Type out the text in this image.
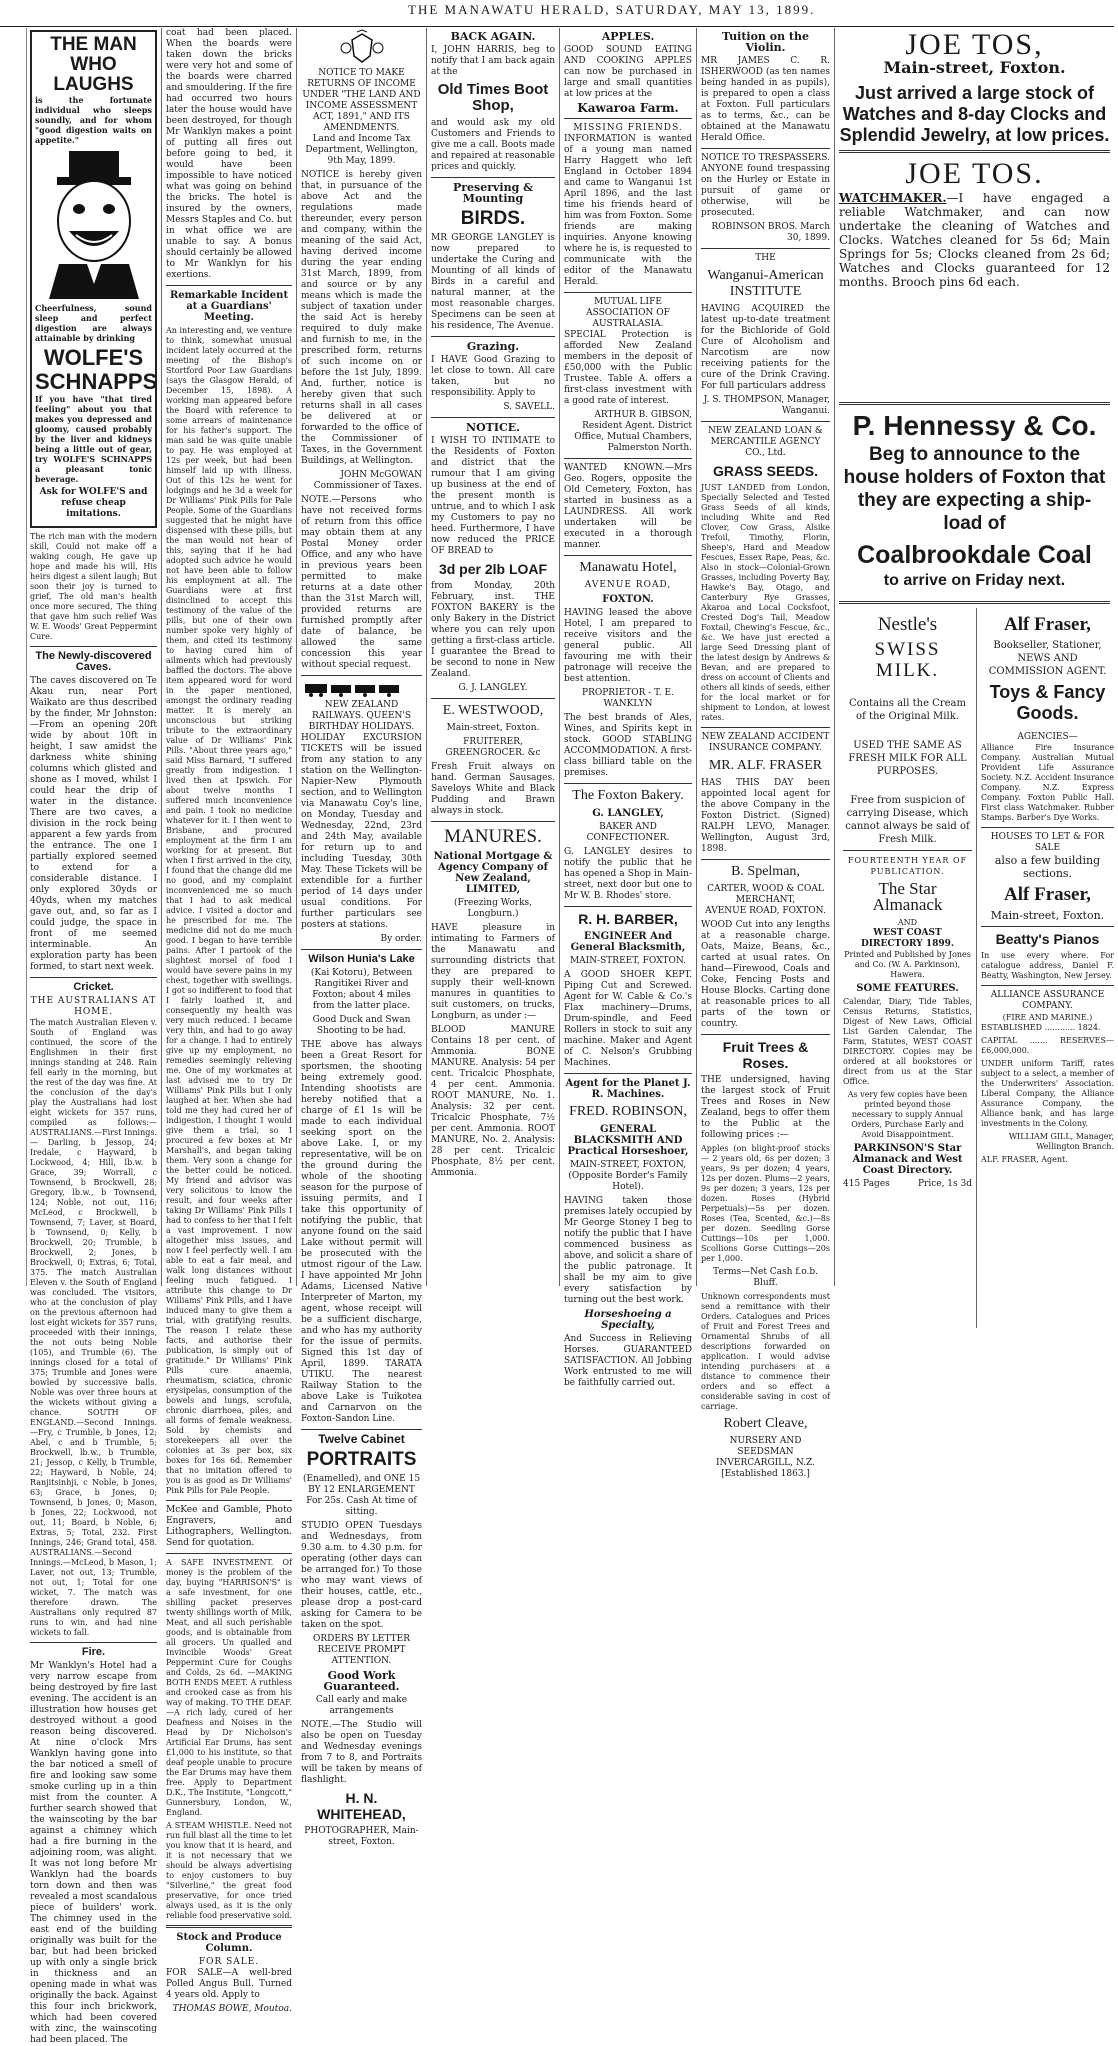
THE MANAWATU HERALD, SATURDAY, MAY 13, 1899.
THE MAN
WHO LAUGHS

is the fortunate individual who sleeps soundly, and for whom "good digestion waits on appetite."

Cheerfulness, sound sleep and perfect digestion are always attainable by drinking

WOLFE'S
SCHNAPPS

If you have "that tired feeling" about you that makes you depressed and gloomy, caused probably by the liver and kidneys being a little out of gear, try WOLFE'S SCHNAPPS a pleasant tonic beverage.

Ask for WOLFE'S and refuse cheap imitations.

The rich man with the modern skill, Could not make off a waking cough, He gave up hope and made his will, His heirs digest a silent laugh; But soon their joy is turned to grief, The old man's health once more secured, The thing that gave him such relief Was W. E. Woods' Great Peppermint Cure.

The Newly-discovered Caves.

The caves discovered on Te Akau run, near Port Waikato are thus described by the finder, Mr Johnston: —From an opening 20ft wide by about 10ft in height, I saw amidst the darkness white shining columns which glisted and shone as I moved, whilst I could hear the drip of water in the distance. There are two caves, a division in the rock being apparent a few yards from the entrance. The one I partially explored seemed to extend for a considerable distance. I only explored 30yds or 40yds, when my matches gave out, and, so far as I could judge, the space in front of me seemed interminable. An exploration party has been formed, to start next week.

Cricket.
THE AUSTRALIANS AT HOME.

The match Australian Eleven v. South of England was continued, the score of the Englishmen in their first innings standing at 248. Rain fell early in the morning, but the rest of the day was fine. At the conclusion of the day's play the Australians had lost eight wickets for 357 runs, compiled as follows:— AUSTRALIANS.—First Innings.— Darling, b Jessop, 24; Iredale, c Hayward, b Lockwood, 4; Hill, lb.w. b Grace, 39; Worrall, c Townsend, b Brockwell, 28; Gregory, lb.w., b Townsend, 124; Noble, not out, 116; McLeod, c Brockwell, b Townsend, 7; Laver, st Board, b Townsend, 0; Kelly, b Brockwell, 20; Trumble, b Brockwell, 2; Jones, b Brockwell, 0; Extras, 6; Total, 375. The match Australian Eleven v. the South of England was concluded. The visitors, who at the conclusion of play on the previous afternoon had lost eight wickets for 357 runs, proceeded with their innings, the not outs being Noble (105), and Trumble (6). The innings closed for a total of 375; Trumble and Jones were bowled by successive balls. Noble was over three hours at the wickets without giving a chance. SOUTH OF ENGLAND.—Second Innings.—Fry, c Trumble, b Jones, 12; Abel, c and b Trumble, 5; Brockwell, lb.w., b Trumble, 21; Jessop, c Kelly, b Trumble, 22; Hayward, b Noble, 24; Ranjitsinhji, c Noble, b Jones, 63; Grace, b Jones, 0; Townsend, b Jones, 0; Mason, b Jones, 22; Lockwood, not out, 11; Board, b Noble, 6; Extras, 5; Total, 232. First Innings, 246; Grand total, 458. AUSTRALIANS.—Second Innings.—McLeod, b Mason, 1; Laver, not out, 13; Trumble, not out, 1; Total for one wicket, 7. The match was therefore drawn. The Australians only required 87 runs to win, and had nine wickets to fall.

Fire.

Mr Wanklyn's Hotel had a very narrow escape from being destroyed by fire last evening. The accident is an illustration how houses get destroyed without a good reason being discovered. At nine o'clock Mrs Wanklyn having gone into the bar noticed a smell of fire and looking saw some smoke curling up in a thin mist from the counter. A further search showed that the wainscoting by the bar against a chimney which had a fire burning in the adjoining room, was alight. It was not long before Mr Wanklyn had the boards torn down and then was revealed a most scandalous piece of builders' work. The chimney used in the east end of the building originally was built for the bar, but had been bricked up with only a single brick in thickness and an opening made in what was originally the back. Against this four inch brickwork, which had been covered with zinc, the wainscoting had been placed. The

coat had been placed. When the boards were taken down the bricks were very hot and some of the boards were charred and smouldering. If the fire had occurred two hours later the house would have been destroyed, for though Mr Wanklyn makes a point of putting all fires out before going to bed, it would have been impossible to have noticed what was going on behind the bricks. The hotel is insured by the owners, Messrs Staples and Co. but in what office we are unable to say. A bonus should certainly be allowed to Mr Wanklyn for his exertions.

Remarkable Incident at a Guardians' Meeting.

An interesting and, we venture to think, somewhat unusual incident lately occurred at the meeting of the Bishop's Stortford Poor Law Guardians (says the Glasgow Herald, of December 15, 1898). A working man appeared before the Board with reference to some arrears of maintenance for his father's support. The man said he was quite unable to pay. He was employed at 12s per week, but had been himself laid up with illness. Out of this 12s he went for lodgings and he 3d a week for Dr Williams' Pink Pills for Pale People. Some of the Guardians suggested that he might have dispensed with these pills, but the man would not hear of this, saying that if he had adopted such advice he would not have been able to follow his employment at all. The Guardians were at first disinclined to accept this testimony of the value of the pills, but one of their own number spoke very highly of them, and cited its testimony to having cured him of ailments which had previously baffled the doctors. The above item appeared word for word in the paper mentioned, amongst the ordinary reading matter. It is merely an unconscious but striking tribute to the extraordinary value of Dr Williams' Pink Pills. "About three years ago," said Miss Barnard, "I suffered greatly from indigestion. I lived then at Ipswich. For about twelve months I suffered much inconvenience and pain. I took no medicine whatever for it. I then went to Brisbane, and procured employment at the firm I am working for at present. But when I first arrived in the city, I found that the change did me no good, and my complaint inconvenienced me so much that I had to ask medical advice. I visited a doctor and he prescribed for me. The medicine did not do me much good. I began to have terrible pains. After I partook of the slightest morsel of food I would have severe pains in my chest, together with swellings. I got so indifferent to food that I fairly loathed it, and consequently my health was very much reduced. I became very thin, and had to go away for a change. I had to entirely give up my employment, no remedies seemingly relieving me. One of my workmates at last advised me to try Dr Williams' Pink Pills but I only laughed at her. When she had told me they had cured her of indigestion, I thought I would give them a trial, so I procured a few boxes at Mr Marshall's, and began taking them. Very soon a change for the better could be noticed. My friend and advisor was very solicitous to know the result, and four weeks after taking Dr Williams' Pink Pills I had to confess to her that I felt a vast improvement. I now altogether miss issues, and now I feel perfectly well. I am able to eat a fair meal, and walk long distances without feeling much fatigued. I attribute this change to Dr Williams' Pink Pills, and I have induced many to give them a trial, with gratifying results. The reason I relate these facts, and authorise their publication, is simply out of gratitude." Dr Williams' Pink Pills cure anaemia, rheumatism, sciatica, chronic erysipelas, consumption of the bowels and lungs, scrofula, chronic diarrhoea, piles, and all forms of female weakness. Sold by chemists and storekeepers all over the colonies at 3s per box, six boxes for 16s 6d. Remember that no imitation offered to you is as good as Dr Williams' Pink Pills for Pale People.

McKee and Gamble, Photo Engravers, and Lithographers, Wellington. Send for quotation.

A SAFE INVESTMENT. Of money is the problem of the day, buying "HARRISON'S" is a safe investment, for one shilling packet preserves twenty shillings worth of Milk, Meat, and all such perishable goods, and is obtainable from all grocers. Un qualled and Invincible Woods' Great Peppermint Cure for Coughs and Colds, 2s 6d. —MAKING BOTH ENDS MEET. A ruthless and crooked case as from his way of making. TO THE DEAF.—A rich lady, cured of her Deafness and Noises in the Head by Dr Nicholson's Artificial Ear Drums, has sent £1,000 to his institute, so that deaf people unable to procure the Ear Drums may have them free. Apply to Department D.K., The Institute, "Longcott," Gunnersbury, London, W., England.

A STEAM WHISTLE. Need not run full blast all the time to let you know that it is heard, and it is not necessary that we should be always advertising to enjoy customers to buy "Silverline," the great food preservative, for once tried always used, as it is the only reliable food preservative sold.

Stock and Produce Column.
FOR SALE.

FOR SALE—A well-bred Polled Angus Bull. Turned 4 years old. Apply to

THOMAS BOWE, Moutoa.

NOTICE TO MAKE RETURNS OF INCOME UNDER "THE LAND AND INCOME ASSESSMENT ACT, 1891," AND ITS AMENDMENTS.

Land and Income Tax Department, Wellington, 9th May, 1899.

NOTICE is hereby given that, in pursuance of the above Act and the regulations made thereunder, every person and company, within the meaning of the said Act, having derived income during the year ending 31st March, 1899, from and source or by any means which is made the subject of taxation under the said Act is hereby required to duly make and furnish to me, in the prescribed form, returns of such income on or before the 1st July, 1899. And, further, notice is hereby given that such returns shall in all cases be delivered at or forwarded to the office of the Commissioner of Taxes, in the Government Buildings, at Wellington.

JOHN McGOWAN Commissioner of Taxes.

NOTE.—Persons who have not received forms of return from this office may obtain them at any Postal Money order Office, and any who have in previous years been permitted to make returns at a date other than the 31st March will, provided returns are furnished promptly after date of balance, be allowed the same concession this year without special request.

NEW ZEALAND RAILWAYS. QUEEN'S BIRTHDAY HOLIDAYS.

HOLIDAY EXCURSION TICKETS will be issued from any station to any station on the Wellington-Napier-New Plymouth section, and to Wellington via Manawatu Coy's line, on Monday, Tuesday and Wednesday, 22nd, 23rd and 24th May, available for return up to and including Tuesday, 30th May. These Tickets will be extendible for a further period of 14 days under usual conditions. For further particulars see posters at stations.

By order.

Wilson Hunia's Lake

(Kai Kotoru), Between Rangitikei River and Foxton; about 4 miles from the latter place.

Good Duck and Swan Shooting to be had.

THE above has always been a Great Resort for sportsmen, the shooting being extremely good. Intending shootists are hereby notified that a charge of £1 1s will be made to each individual seeking sport on the above Lake. I, or my representative, will be on the ground during the whole of the shooting season for the purpose of issuing permits, and I take this opportunity of notifying the public, that anyone found on the said Lake without permit will be prosecuted with the utmost rigour of the Law. I have appointed Mr John Adams, Licensed Native Interpreter of Marton, my agent, whose receipt will be a sufficient discharge, and who has my authority for the issue of permits. Signed this 1st day of April, 1899. TARATA UTIKU. The nearest Railway Station to the above Lake is Tuikotea and Carnarvon on the Foxton-Sandon Line.

Twelve Cabinet
PORTRAITS

(Enamelled), and ONE 15 BY 12 ENLARGEMENT For 25s. Cash At time of sitting.

STUDIO OPEN Tuesdays and Wednesdays, from 9.30 a.m. to 4.30 p.m. for operating (other days can be arranged for.) To those who may want views of their houses, cattle, etc., please drop a post-card asking for Camera to be taken on the spot.

ORDERS BY LETTER RECEIVE PROMPT ATTENTION.

Good Work Guaranteed.

Call early and make arrangements

NOTE.—The Studio will also be open on Tuesday and Wednesday evenings from 7 to 8, and Portraits will be taken by means of flashlight.

H. N. WHITEHEAD,

PHOTOGRAPHER, Main-street, Foxton.

BACK AGAIN.

I, JOHN HARRIS, beg to notify that I am back again at the

Old Times Boot Shop,

and would ask my old Customers and Friends to give me a call. Boots made and repaired at reasonable prices and quickly.

Preserving & Mounting
BIRDS.

MR GEORGE LANGLEY is now prepared to undertake the Curing and Mounting of all kinds of Birds in a careful and natural manner, at the most reasonable charges. Specimens can be seen at his residence, The Avenue.

Grazing.

I HAVE Good Grazing to let close to town. All care taken, but no responsibility. Apply to

S. SAVELL.

NOTICE.

I WISH TO INTIMATE to the Residents of Foxton and district that the rumour that I am giving up business at the end of the present month is untrue, and to which I ask my Customers to pay no heed. Furthermore, I have now reduced the PRICE OF BREAD to

3d per 2lb LOAF

from Monday, 20th February, inst. THE FOXTON BAKERY is the only Bakery in the District where you can rely upon getting a first-class article. I guarantee the Bread to be second to none in New Zealand.

G. J. LANGLEY.

E. WESTWOOD,

Main-street, Foxton.

FRUITERER, GREENGROCER. &c

Fresh Fruit always on hand. German Sausages. Saveloys White and Black Pudding and Brawn always in stock.

MANURES.
National Mortgage & Agency Company of New Zealand, LIMITED,

(Freezing Works, Longburn.)

HAVE pleasure in intimating to Farmers of the Manawatu and surrounding districts that they are prepared to supply their well-known manures in quantities to suit customers, on trucks, Longburn, as under :—

BLOOD MANURE Contains 18 per cent. of Ammonia. BONE MANURE. Analysis: 54 per cent. Tricalcic Phosphate, 4 per cent. Ammonia. ROOT MANURE, No. 1. Analysis: 32 per cent. Tricalcic Phosphate, 7½ per cent. Ammonia. ROOT MANURE, No. 2. Analysis: 28 per cent. Tricalcic Phosphate, 8½ per cent. Ammonia.

APPLES.

GOOD SOUND EATING AND COOKING APPLES can now be purchased in large and small quantities at low prices at the

Kawaroa Farm.
MISSING FRIENDS.

INFORMATION is wanted of a young man named Harry Haggett who left England in October 1894 and came to Wanganui 1st April 1896, and the last time his friends heard of him was from Foxton. Some friends are making inquiries. Anyone knowing where he is, is requested to communicate with the editor of the Manawatu Herald.

MUTUAL LIFE ASSOCIATION OF AUSTRALASIA.

SPECIAL Protection is afforded New Zealand members in the deposit of £50,000 with the Public Trustee. Table A. offers a first-class investment with a good rate of interest.

ARTHUR B. GIBSON, Resident Agent. District Office, Mutual Chambers, Palmerston North.

WANTED KNOWN.—Mrs Geo. Rogers, opposite the Old Cemetery, Foxton, has started in business as a LAUNDRESS. All work undertaken will be executed in a thorough manner.

Manawatu Hotel,
AVENUE ROAD,
FOXTON.

HAVING leased the above Hotel, I am prepared to receive visitors and the general public. All favouring me with their patronage will receive the best attention.

PROPRIETOR - T. E. WANKLYN

The best brands of Ales, Wines, and Spirits kept in stock. GOOD STABLING ACCOMMODATION. A first-class billiard table on the premises.

The Foxton Bakery.
G. LANGLEY,

BAKER AND CONFECTIONER.

G. LANGLEY desires to notify the public that he has opened a Shop in Main-street, next door but one to Mr W. B. Rhodes' store.

R. H. BARBER,
ENGINEER And General Blacksmith,

MAIN-STREET, FOXTON.

A GOOD SHOER KEPT. Piping Cut and Screwed. Agent for W. Cable & Co.'s Flax machinery—Drums, Drum-spindle, and Feed Rollers in stock to suit any machine. Maker and Agent of C. Nelson's Grubbing Machines.

Agent for the Planet J. R. Machines.
FRED. ROBINSON,
GENERAL BLACKSMITH AND Practical Horseshoer,

MAIN-STREET, FOXTON, (Opposite Border's Family Hotel).

HAVING taken those premises lately occupied by Mr George Stoney I beg to notify the public that I have commenced business as above, and solicit a share of the public patronage. It shall be my aim to give every satisfaction by turning out the best work.

Horseshoeing a Specialty,

And Success in Relieving Horses. GUARANTEED SATISFACTION. All Jobbing Work entrusted to me will be faithfully carried out.

Tuition on the Violin.

MR JAMES C. R. ISHERWOOD (as ten names being handed in as pupils), is prepared to open a class at Foxton. Full particulars as to terms, &c., can be obtained at the Manawatu Herald Office.

NOTICE TO TRESPASSERS.

ANYONE found trespassing on the Hurley or Estate in pursuit of game or otherwise, will be prosecuted.

ROBINSON BROS. March 30, 1899.

THE
Wanganui-American INSTITUTE

HAVING ACQUIRED the latest up-to-date treatment for the Bichloride of Gold Cure of Alcoholism and Narcotism are now receiving patients for the cure of the Drink Craving. For full particulars address

J. S. THOMPSON, Manager, Wanganui.

NEW ZEALAND LOAN & MERCANTILE AGENCY CO., Ltd.
GRASS SEEDS.

JUST LANDED from London, Specially Selected and Tested Grass Seeds of all kinds, including White and Red Clover, Cow Grass, Alsike Trefoil, Timothy, Florin, Sheep's, Hard and Meadow Fescues, Essex Rape, Peas, &c. Also in stock—Colonial-Grown Grasses, including Poverty Bay, Hawke's Bay, Otago, and Canterbury Rye Grasses, Akaroa and Local Cocksfoot, Crested Dog's Tail, Meadow Foxtail, Chewing's Fescue, &c., &c. We have just erected a large Seed Dressing plant of the latest design by Andrews & Bevan, and are prepared to dress on account of Clients and others all kinds of seeds, either for the local market or for shipment to London, at lowest rates.

NEW ZEALAND ACCIDENT INSURANCE COMPANY.
MR. ALF. FRASER

HAS THIS DAY been appointed local agent for the above Company in the Foxton District. (Signed) RALPH LEVO, Manager. Wellington, August 3rd, 1898.

B. Spelman,
CARTER, WOOD & COAL MERCHANT,

AVENUE ROAD, FOXTON.

WOOD Cut into any lengths at a reasonable charge. Oats, Maize, Beans, &c., carted at usual rates. On hand—Firewood, Coals and Coke, Fencing Posts and House Blocks. Carting done at reasonable prices to all parts of the town or country.

Fruit Trees & Roses.

THE undersigned, having the largest stock of Fruit Trees and Roses in New Zealand, begs to offer them to the Public at the following prices :—

Apples (on blight-proof stocks — 2 years old, 6s per dozen; 3 years, 9s per dozen; 4 years, 12s per dozen. Plums—2 years, 9s per dozen; 3 years, 12s per dozen. Roses (Hybrid Perpetuals)—5s per dozen. Roses (Tea, Scented, &c.)—8s per dozen. Seedling Gorse Cuttings—10s per 1,000. Scollions Gorse Cuttings—20s per 1,000.

Terms—Net Cash f.o.b. Bluff.

Unknown correspondents must send a remittance with their Orders. Catalogues and Prices of Fruit and Forest Trees and Ornamental Shrubs of all descriptions forwarded on application. I would advise intending purchasers at a distance to commence their orders and so effect a considerable saving in cost of carriage.

Robert Cleave,
NURSERY AND SEEDSMAN
INVERCARGILL, N.Z.
[Established 1863.]
JOE TOS,
Main-street, Foxton.
Just arrived a large stock of Watches and 8-day Clocks and Splendid Jewelry, at low prices.
JOE TOS.

WATCHMAKER.—I have engaged a reliable Watchmaker, and can now undertake the cleaning of Watches and Clocks. Watches cleaned for 5s 6d; Main Springs for 5s; Clocks cleaned from 2s 6d; Watches and Clocks guaranteed for 12 months. Brooch pins 6d each.

P. Hennessy & Co.
Beg to announce to the house holders of Foxton that they are expecting a ship-load of
Coalbrookdale Coal
to arrive on Friday next.
Nestle's
SWISS MILK.

Contains all the Cream of the Original Milk.

USED THE SAME AS FRESH MILK FOR ALL PURPOSES.

Free from suspicion of carrying Disease, which cannot always be said of Fresh Milk.

FOURTEENTH YEAR OF PUBLICATION.
The Star Almanack
AND
WEST COAST DIRECTORY 1899.

Printed and Published by Jones and Co. (W. A. Parkinson), Hawera.

SOME FEATURES.

Calendar, Diary, Tide Tables, Census Returns, Statistics, Digest of New Laws, Official List Garden Calendar, The Farm, Statutes, WEST COAST DIRECTORY. Copies may be ordered at all bookstores or direct from us at the Star Office.

As very few copies have been printed beyond those necessary to supply Annual Orders, Purchase Early and Avoid Disappointment.

PARKINSON'S Star Almanack and West Coast Directory.
415 Pages	Price, 1s 3d
Alf Fraser,

Bookseller, Stationer, NEWS AND COMMISSION AGENT.

Toys & Fancy Goods.
AGENCIES—

Alliance Fire Insurance Company. Australian Mutual Provident Life Assurance Society. N.Z. Accident Insurance Company. N.Z. Express Company. Foxton Public Hall. First class Watchmaker. Rubber Stamps. Barber's Dye Works.

HOUSES TO LET & FOR SALE

also a few building sections.

Alf Fraser,

Main-street, Foxton.

Beatty's Pianos

In use every where. For catalogue address, Daniel F. Beatty, Washington, New Jersey.

ALLIANCE ASSURANCE COMPANY.
(FIRE AND MARINE.)

ESTABLISHED ............ 1824.

CAPITAL ....... RESERVES— £6,000,000.

UNDER uniform Tariff, rates subject to a select, a member of the Underwriters' Association. Liberal Company, the Alliance Assurance Company, the Alliance bank, and has large investments in the Colony.

WILLIAM GILL, Manager, Wellington Branch.

ALF. FRASER, Agent.
